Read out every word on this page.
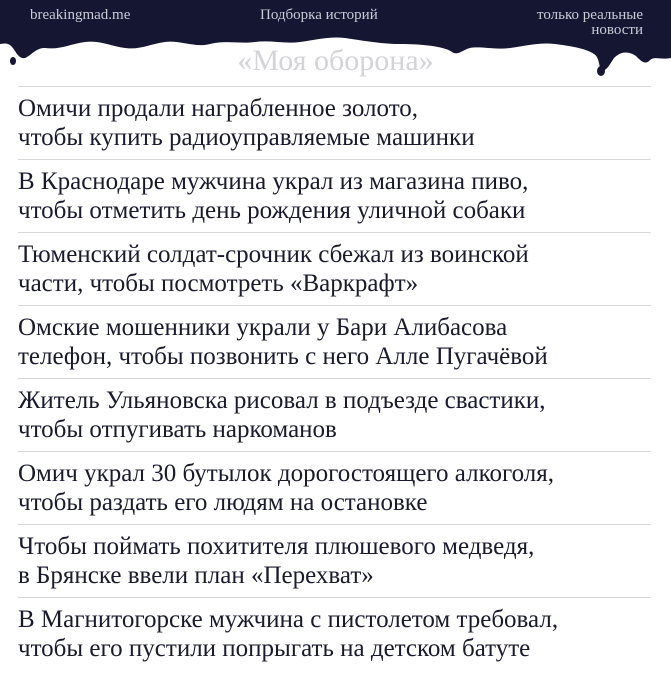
breakingmad.me	Подборка историй	только реальные
новости
«Моя оборона»
Омичи продали награбленное золото,
чтобы купить радиоуправляемые машинки
В Краснодаре мужчина украл из магазина пиво,
чтобы отметить день рождения уличной собаки
Тюменский солдат-срочник сбежал из воинской
части, чтобы посмотреть «Варкрафт»
Омские мошенники украли у Бари Алибасова
телефон, чтобы позвонить с него Алле Пугачёвой
Житель Ульяновска рисовал в подъезде свастики,
чтобы отпугивать наркоманов
Омич украл 30 бутылок дорогостоящего алкоголя,
чтобы раздать его людям на остановке
Чтобы поймать похитителя плюшевого медведя,
в Брянске ввели план «Перехват»
В Магнитогорске мужчина с пистолетом требовал,
чтобы его пустили попрыгать на детском батуте
